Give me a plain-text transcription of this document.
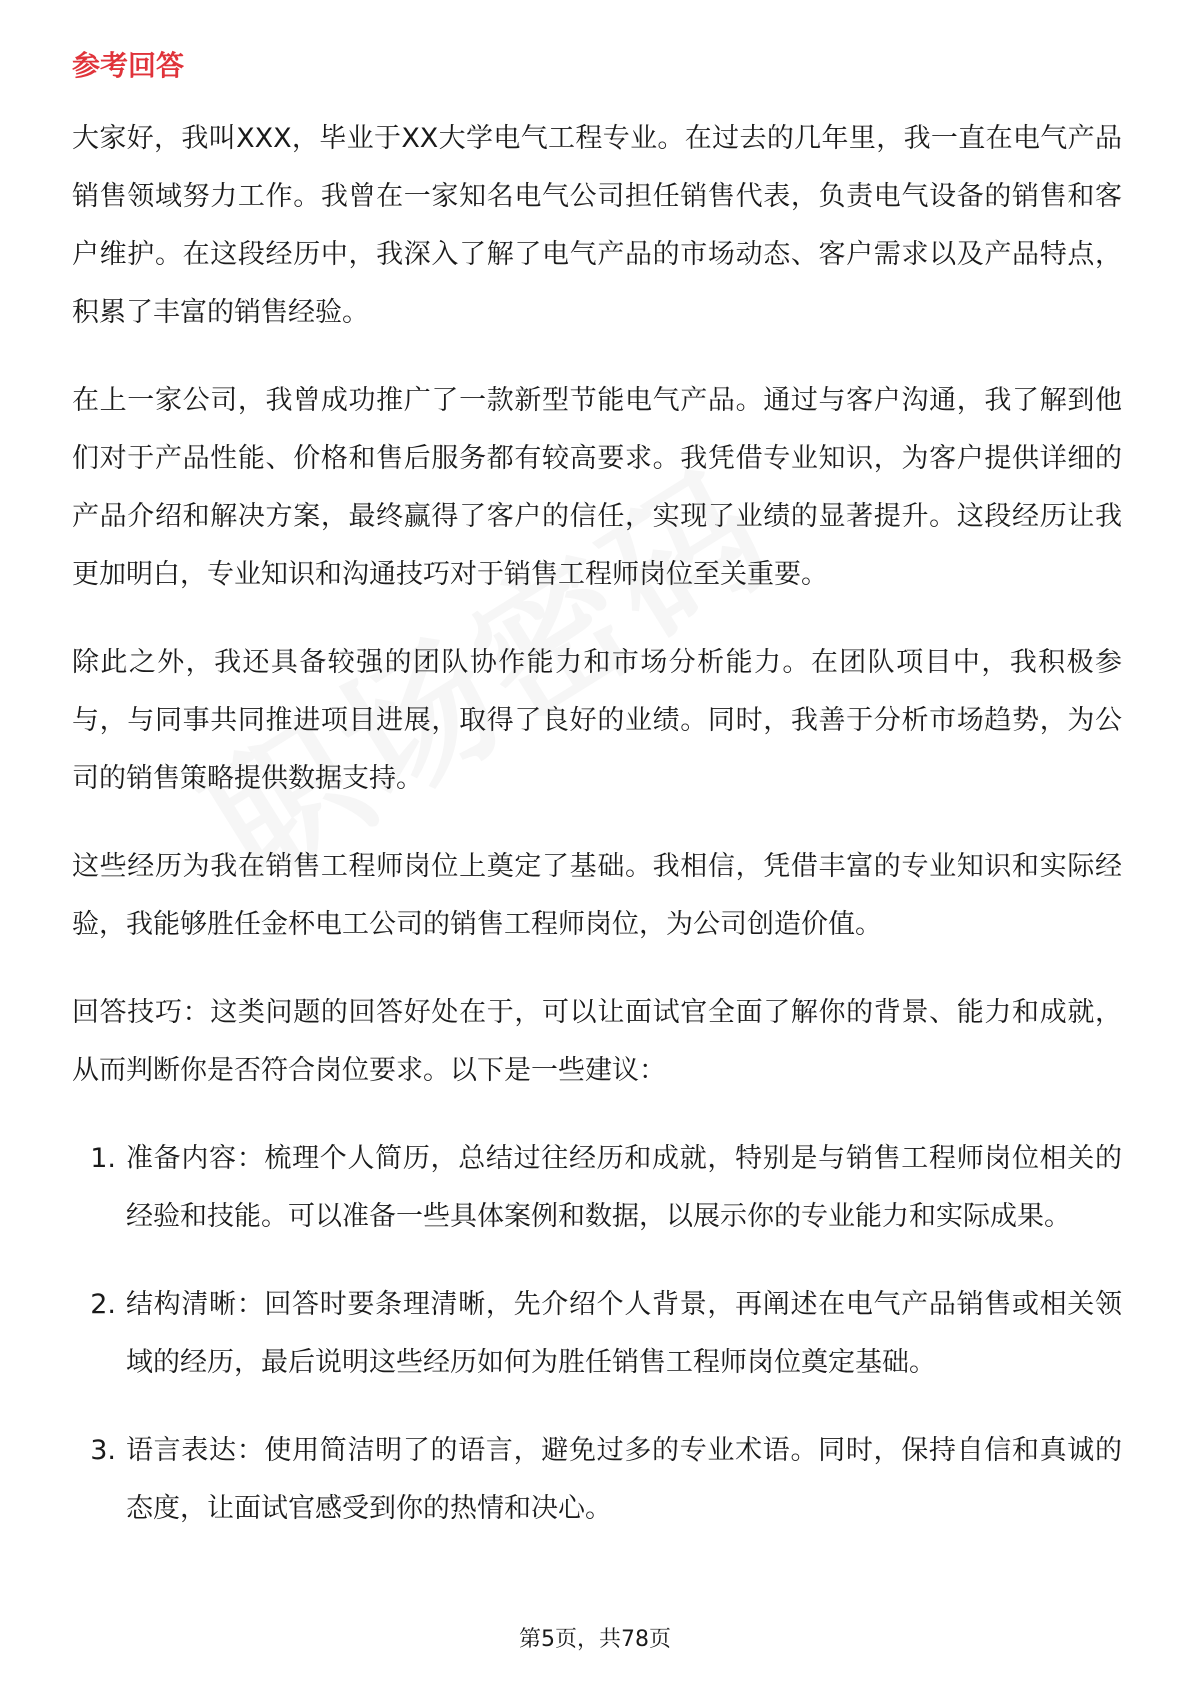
参考回答

大家好，我叫XXX，毕业于XX大学电气工程专业。在过去的几年里，我一直在电气产品销售领域努力工作。我曾在一家知名电气公司担任销售代表，负责电气设备的销售和客户维护。在这段经历中，我深入了解了电气产品的市场动态、客户需求以及产品特点，积累了丰富的销售经验。

在上一家公司，我曾成功推广了一款新型节能电气产品。通过与客户沟通，我了解到他们对于产品性能、价格和售后服务都有较高要求。我凭借专业知识，为客户提供详细的产品介绍和解决方案，最终赢得了客户的信任，实现了业绩的显著提升。这段经历让我更加明白，专业知识和沟通技巧对于销售工程师岗位至关重要。

除此之外，我还具备较强的团队协作能力和市场分析能力。在团队项目中，我积极参与，与同事共同推进项目进展，取得了良好的业绩。同时，我善于分析市场趋势，为公司的销售策略提供数据支持。

这些经历为我在销售工程师岗位上奠定了基础。我相信，凭借丰富的专业知识和实际经验，我能够胜任金杯电工公司的销售工程师岗位，为公司创造价值。

回答技巧：这类问题的回答好处在于，可以让面试官全面了解你的背景、能力和成就，从而判断你是否符合岗位要求。以下是一些建议：

1. 准备内容：梳理个人简历，总结过往经历和成就，特别是与销售工程师岗位相关的经验和技能。可以准备一些具体案例和数据，以展示你的专业能力和实际成果。
2. 结构清晰：回答时要条理清晰，先介绍个人背景，再阐述在电气产品销售或相关领域的经历，最后说明这些经历如何为胜任销售工程师岗位奠定基础。
3. 语言表达：使用简洁明了的语言，避免过多的专业术语。同时，保持自信和真诚的态度，让面试官感受到你的热情和决心。
第5页，共78页
